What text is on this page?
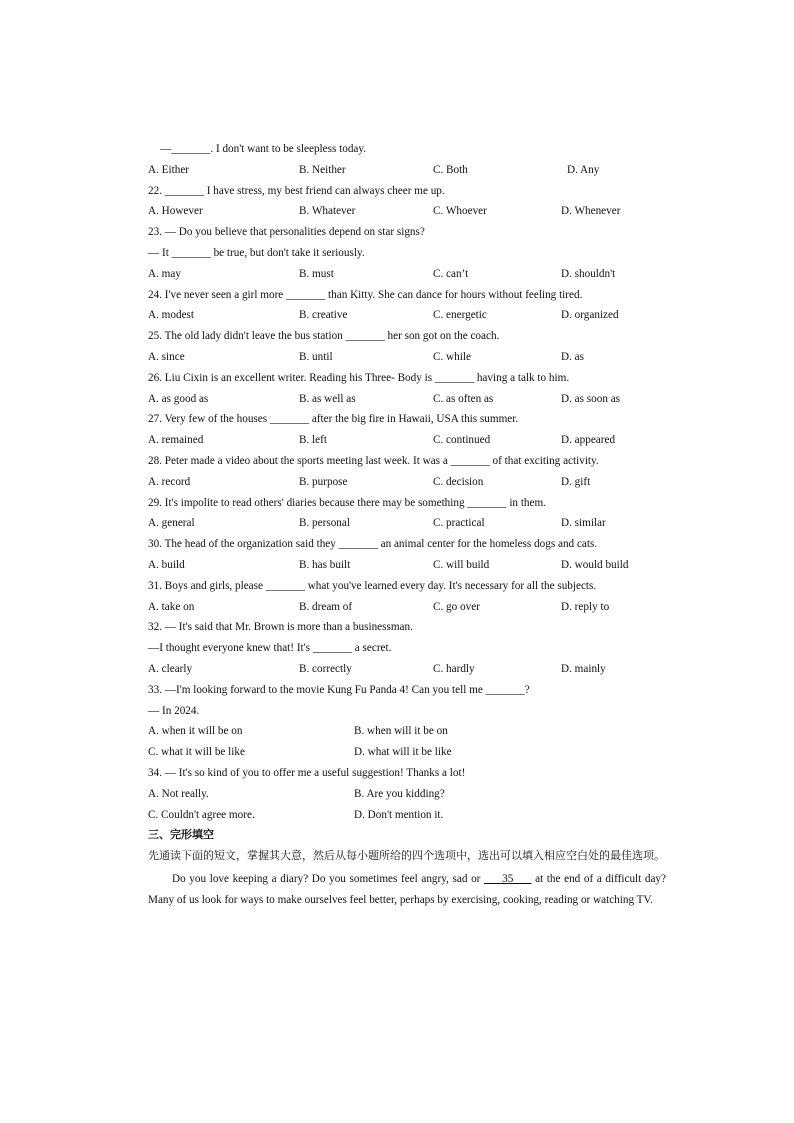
—_______. I don't want to be sleepless today.
A. Either	B. Neither	C. Both	D. Any
22. _______ I have stress, my best friend can always cheer me up.
A. However	B. Whatever	C. Whoever	D. Whenever
23. — Do you believe that personalities depend on star signs?
— It _______ be true, but don't take it seriously.
A. may	B. must	C. can’t	D. shouldn't
24. I've never seen a girl more _______ than Kitty. She can dance for hours without feeling tired.
A. modest	B. creative	C. energetic	D. organized
25. The old lady didn't leave the bus station _______ her son got on the coach.
A. since	B. until	C. while	D. as
26. Liu Cixin is an excellent writer. Reading his Three- Body is _______ having a talk to him.
A. as good as	B. as well as	C. as often as	D. as soon as
27. Very few of the houses _______ after the big fire in Hawaii, USA this summer.
A. remained	B. left	C. continued	D. appeared
28. Peter made a video about the sports meeting last week. It was a _______ of that exciting activity.
A. record	B. purpose	C. decision	D. gift
29. It's impolite to read others' diaries because there may be something _______ in them.
A. general	B. personal	C. practical	D. similar
30. The head of the organization said they _______ an animal center for the homeless dogs and cats.
A. build	B. has built	C. will build	D. would build
31. Boys and girls, please _______ what you've learned every day. It's necessary for all the subjects.
A. take on	B. dream of	C. go over	D. reply to
32. — It's said that Mr. Brown is more than a businessman.
—I thought everyone knew that! It's _______ a secret.
A. clearly	B. correctly	C. hardly	D. mainly
33. —I'm looking forward to the movie Kung Fu Panda 4! Can you tell me _______?
— In 2024.
A. when it will be on	B. when will it be on
C. what it will be like	D. what will it be like
34. — It's so kind of you to offer me a useful suggestion! Thanks a lot!
A. Not really.	B. Are you kidding?
C. Couldn't agree more.	D. Don't mention it.
三、完形填空
先通读下面的短文，掌握其大意，然后从每小题所给的四个选项中，选出可以填入相应空白处的最佳选项。
Do you love keeping a diary? Do you sometimes feel angry, sad or      35      at the end of a difficult day? Many of us look for ways to make ourselves feel better, perhaps by exercising, cooking, reading or watching TV.
